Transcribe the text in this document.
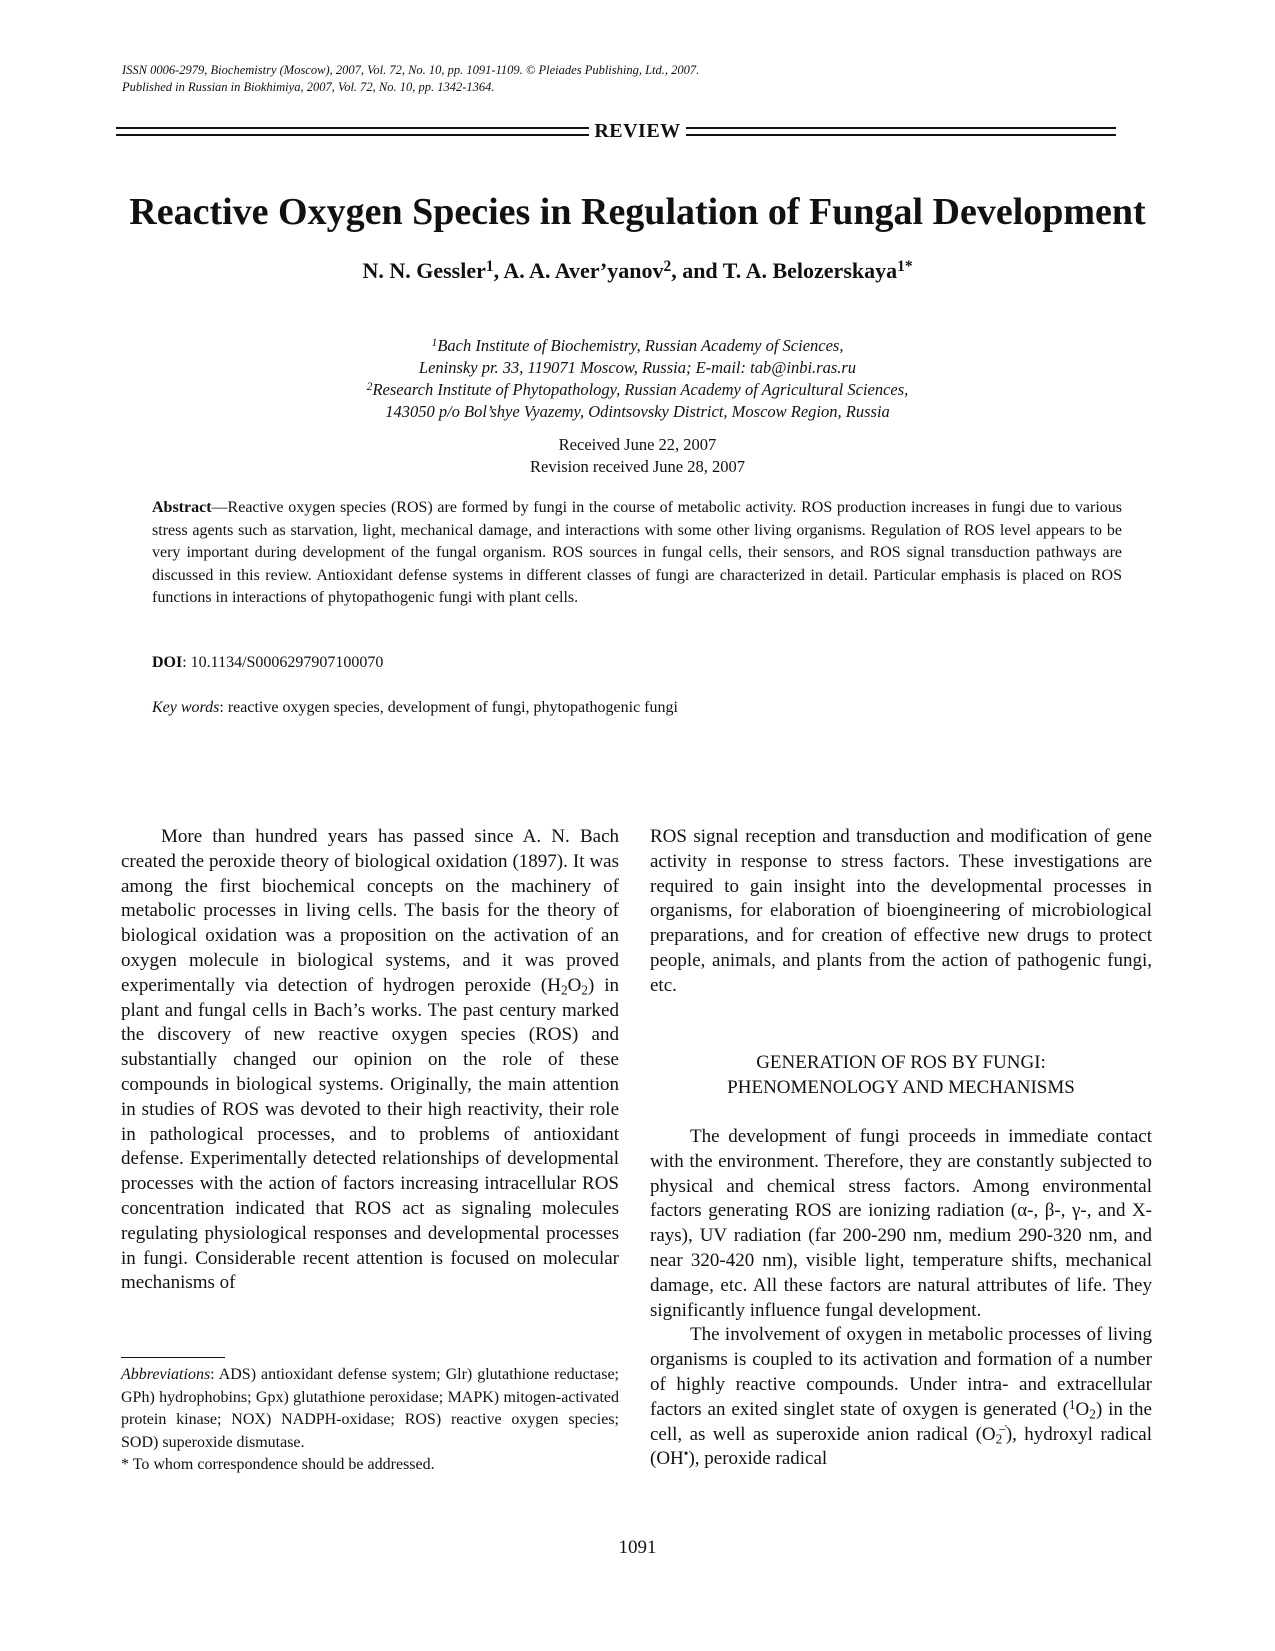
ISSN 0006-2979, Biochemistry (Moscow), 2007, Vol. 72, No. 10, pp. 1091-1109. © Pleiades Publishing, Ltd., 2007.
Published in Russian in Biokhimiya, 2007, Vol. 72, No. 10, pp. 1342-1364.
REVIEW
Reactive Oxygen Species in Regulation of Fungal Development
N. N. Gessler$^1$, A. A. Aver’yanov$^2$, and T. A. Belozerskaya$^{1*}$
$^1$Bach Institute of Biochemistry, Russian Academy of Sciences,
Leninsky pr. 33, 119071 Moscow, Russia; E-mail: tab@inbi.ras.ru
$^2$Research Institute of Phytopathology, Russian Academy of Agricultural Sciences,
143050 p/o Bol’shye Vyazemy, Odintsovsky District, Moscow Region, Russia
Received June 22, 2007
Revision received June 28, 2007
Abstract—Reactive oxygen species (ROS) are formed by fungi in the course of metabolic activity. ROS production increases in fungi due to various stress agents such as starvation, light, mechanical damage, and interactions with some other living organisms. Regulation of ROS level appears to be very important during development of the fungal organism. ROS sources in fungal cells, their sensors, and ROS signal transduction pathways are discussed in this review. Antioxidant defense systems in different classes of fungi are characterized in detail. Particular emphasis is placed on ROS functions in interactions of phytopathogenic fungi with plant cells.
DOI: 10.1134/S0006297907100070
Key words: reactive oxygen species, development of fungi, phytopathogenic fungi

More than hundred years has passed since A. N. Bach created the peroxide theory of biological oxidation (1897). It was among the first biochemical concepts on the machinery of metabolic processes in living cells. The basis for the theory of biological oxidation was a proposition on the activation of an oxygen molecule in biological systems, and it was proved experimentally via detection of hydrogen peroxide $(H_2O_2)$ in plant and fungal cells in Bach’s works. The past century marked the discovery of new reactive oxygen species (ROS) and substantially changed our opinion on the role of these compounds in biological systems. Originally, the main attention in studies of ROS was devoted to their high reactivity, their role in pathological processes, and to problems of antioxidant defense. Experimentally detected relationships of developmental processes with the action of factors increasing intracellular ROS concentration indicated that ROS act as signaling molecules regulating physiological responses and developmental processes in fungi. Considerable recent attention is focused on molecular mechanisms of

ROS signal reception and transduction and modification of gene activity in response to stress factors. These investigations are required to gain insight into the developmental processes in organisms, for elaboration of bioengineering of microbiological preparations, and for creation of effective new drugs to protect people, animals, and plants from the action of pathogenic fungi, etc.

GENERATION OF ROS BY FUNGI:
PHENOMENOLOGY AND MECHANISMS

The development of fungi proceeds in immediate contact with the environment. Therefore, they are constantly subjected to physical and chemical stress factors. Among environmental factors generating ROS are ionizing radiation (α-, β-, γ-, and X-rays), UV radiation (far 200-290 nm, medium 290-320 nm, and near 320-420 nm), visible light, temperature shifts, mechanical damage, etc. All these factors are natural attributes of life. They significantly influence fungal development.

The involvement of oxygen in metabolic processes of living organisms is coupled to its activation and formation of a number of highly reactive compounds. Under intra- and extracellular factors an exited singlet state of oxygen is generated $(^1O_2)$ in the cell, as well as superoxide anion radical $(O_2^{-̇})$, hydroxyl radical (OH•), peroxide radical

Abbreviations: ADS) antioxidant defense system; Glr) glutathione reductase; GPh) hydrophobins; Gpx) glutathione peroxidase; MAPK) mitogen-activated protein kinase; NOX) NADPH-oxidase; ROS) reactive oxygen species; SOD) superoxide dismutase.
* To whom correspondence should be addressed.
1091
